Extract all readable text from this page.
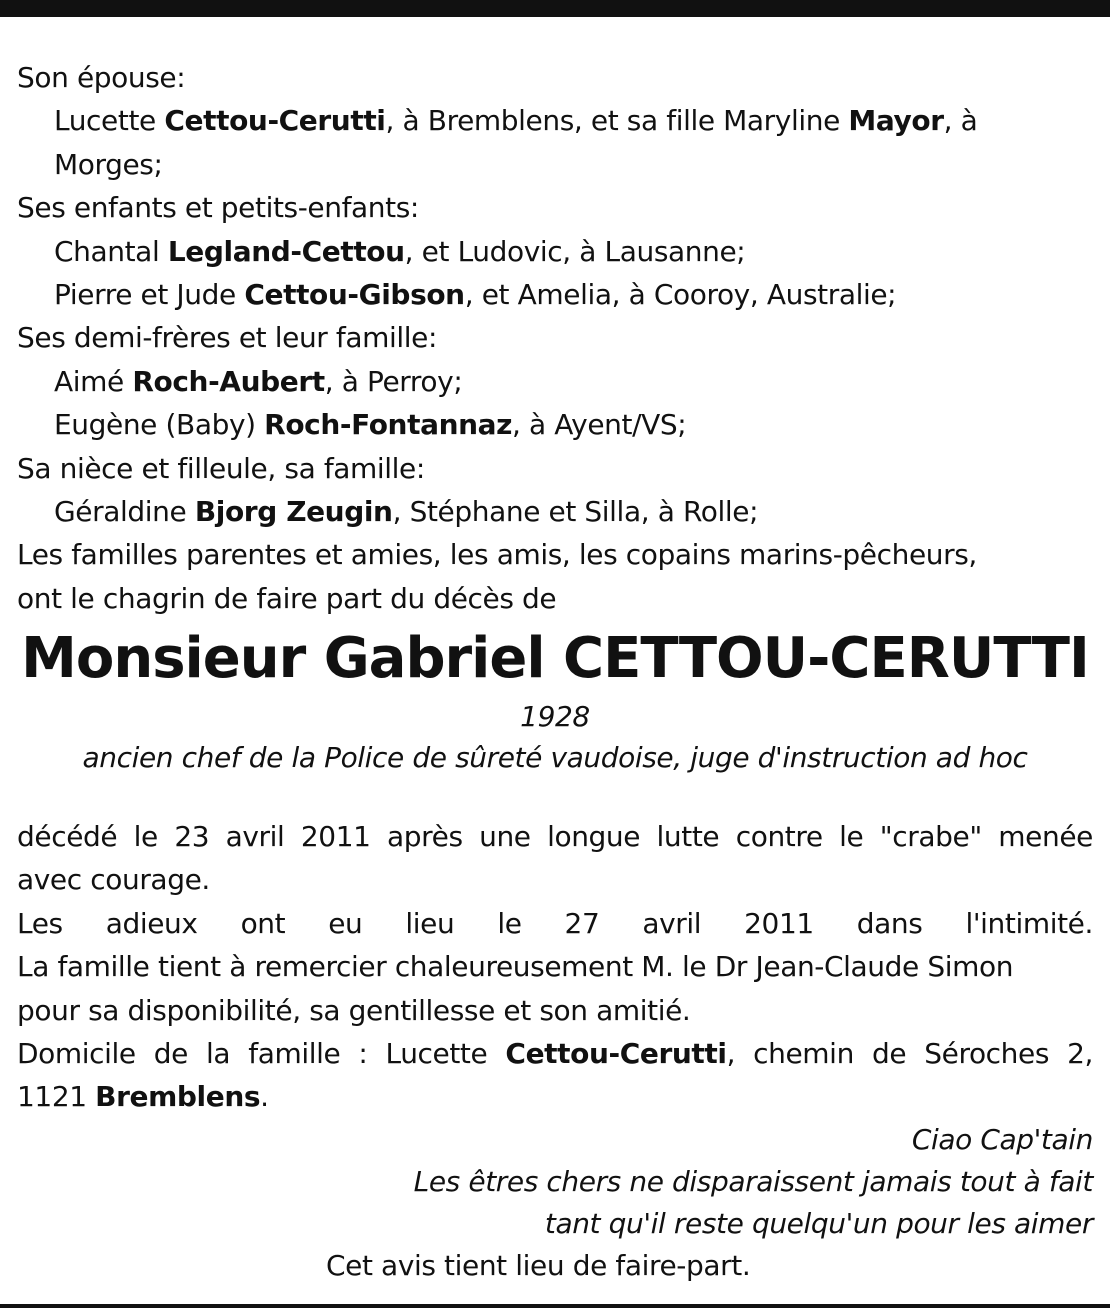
Son épouse:
Lucette Cettou-Cerutti, à Bremblens, et sa fille Maryline Mayor, à
Morges;
Ses enfants et petits-enfants:
Chantal Legland-Cettou, et Ludovic, à Lausanne;
Pierre et Jude Cettou-Gibson, et Amelia, à Cooroy, Australie;
Ses demi-frères et leur famille:
Aimé Roch-Aubert, à Perroy;
Eugène (Baby) Roch-Fontannaz, à Ayent/VS;
Sa nièce et filleule, sa famille:
Géraldine Bjorg Zeugin, Stéphane et Silla, à Rolle;
Les familles parentes et amies, les amis, les copains marins-pêcheurs,
ont le chagrin de faire part du décès de
Monsieur Gabriel CETTOU-CERUTTI
1928
ancien chef de la Police de sûreté vaudoise, juge d'instruction ad hoc
décédé le 23 avril 2011 après une longue lutte contre le "crabe" menée
avec courage.
Les adieux ont eu lieu le 27 avril 2011 dans l'intimité.
La famille tient à remercier chaleureusement M. le Dr Jean-Claude Simon
pour sa disponibilité, sa gentillesse et son amitié.
Domicile de la famille : Lucette Cettou-Cerutti, chemin de Séroches 2,
1121 Bremblens.
Ciao Cap'tain
Les êtres chers ne disparaissent jamais tout à fait
tant qu'il reste quelqu'un pour les aimer
Cet avis tient lieu de faire-part.
